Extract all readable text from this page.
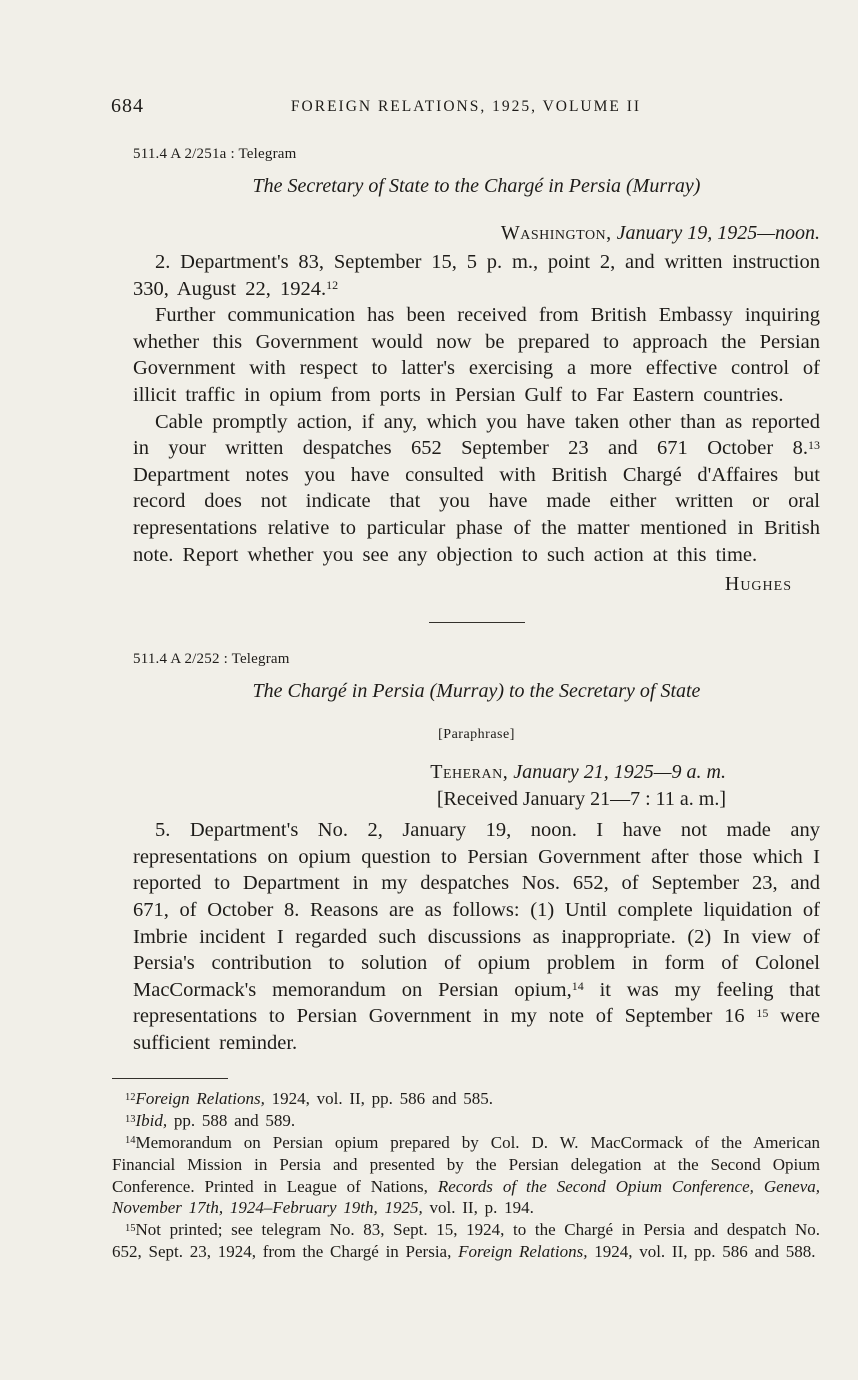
684	FOREIGN RELATIONS, 1925, VOLUME II
511.4 A 2/251a : Telegram
The Secretary of State to the Chargé in Persia (Murray)
Washington, January 19, 1925—noon.

2. Department's 83, September 15, 5 p. m., point 2, and written instruction 330, August 22, 1924.12

Further communication has been received from British Embassy inquiring whether this Government would now be prepared to approach the Persian Government with respect to latter's exercising a more effective control of illicit traffic in opium from ports in Persian Gulf to Far Eastern countries.

Cable promptly action, if any, which you have taken other than as reported in your written despatches 652 September 23 and 671 October 8.13 Department notes you have consulted with British Chargé d'Affaires but record does not indicate that you have made either written or oral representations relative to particular phase of the matter mentioned in British note. Report whether you see any objection to such action at this time.

Hughes
511.4 A 2/252 : Telegram
The Chargé in Persia (Murray) to the Secretary of State
[Paraphrase]
Teheran, January 21, 1925—9 a. m.
[Received January 21—7 : 11 a. m.]

5. Department's No. 2, January 19, noon. I have not made any representations on opium question to Persian Government after those which I reported to Department in my despatches Nos. 652, of September 23, and 671, of October 8. Reasons are as follows: (1) Until complete liquidation of Imbrie incident I regarded such discussions as inappropriate. (2) In view of Persia's contribution to solution of opium problem in form of Colonel MacCormack's memorandum on Persian opium,$^{14}$ it was my feeling that representations to Persian Government in my note of September 16 $^{15}$ were sufficient reminder.

$^{12}$Foreign Relations, 1924, vol. II, pp. 586 and 585.

$^{13}$Ibid, pp. 588 and 589.

$^{14}$Memorandum on Persian opium prepared by Col. D. W. MacCormack of the American Financial Mission in Persia and presented by the Persian delegation at the Second Opium Conference. Printed in League of Nations, Records of the Second Opium Conference, Geneva, November 17th, 1924–February 19th, 1925, vol. II, p. 194.

$^{15}$Not printed; see telegram No. 83, Sept. 15, 1924, to the Chargé in Persia and despatch No. 652, Sept. 23, 1924, from the Chargé in Persia, Foreign Relations, 1924, vol. II, pp. 586 and 588.
